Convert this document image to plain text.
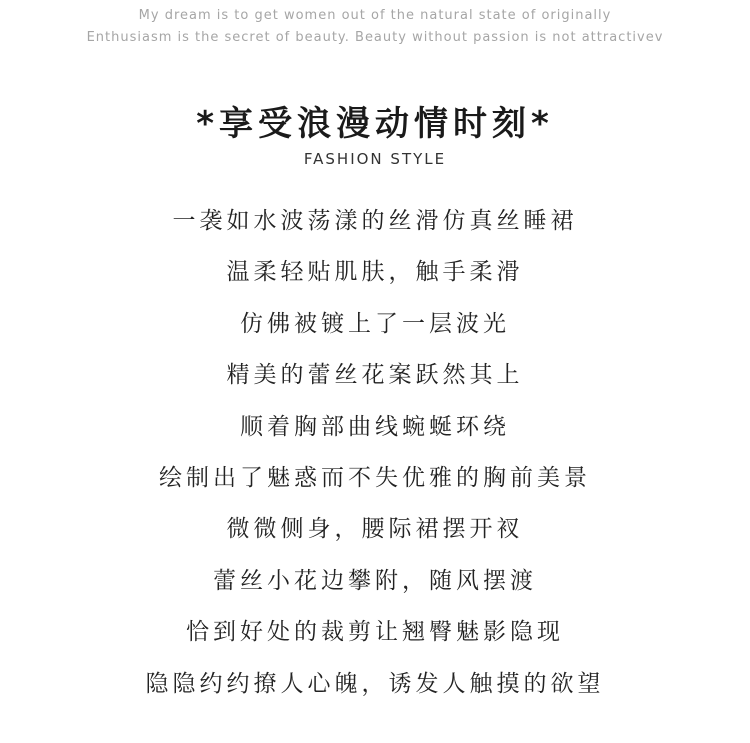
My dream is to get women out of the natural state of originally
Enthusiasm is the secret of beauty. Beauty without passion is not attractivev
*享受浪漫动情时刻*
FASHION STYLE
一袭如水波荡漾的丝滑仿真丝睡裙
温柔轻贴肌肤，触手柔滑
仿佛被镀上了一层波光
精美的蕾丝花案跃然其上
顺着胸部曲线蜿蜒环绕
绘制出了魅惑而不失优雅的胸前美景
微微侧身，腰际裙摆开衩
蕾丝小花边攀附，随风摆渡
恰到好处的裁剪让翘臀魅影隐现
隐隐约约撩人心魄，诱发人触摸的欲望
